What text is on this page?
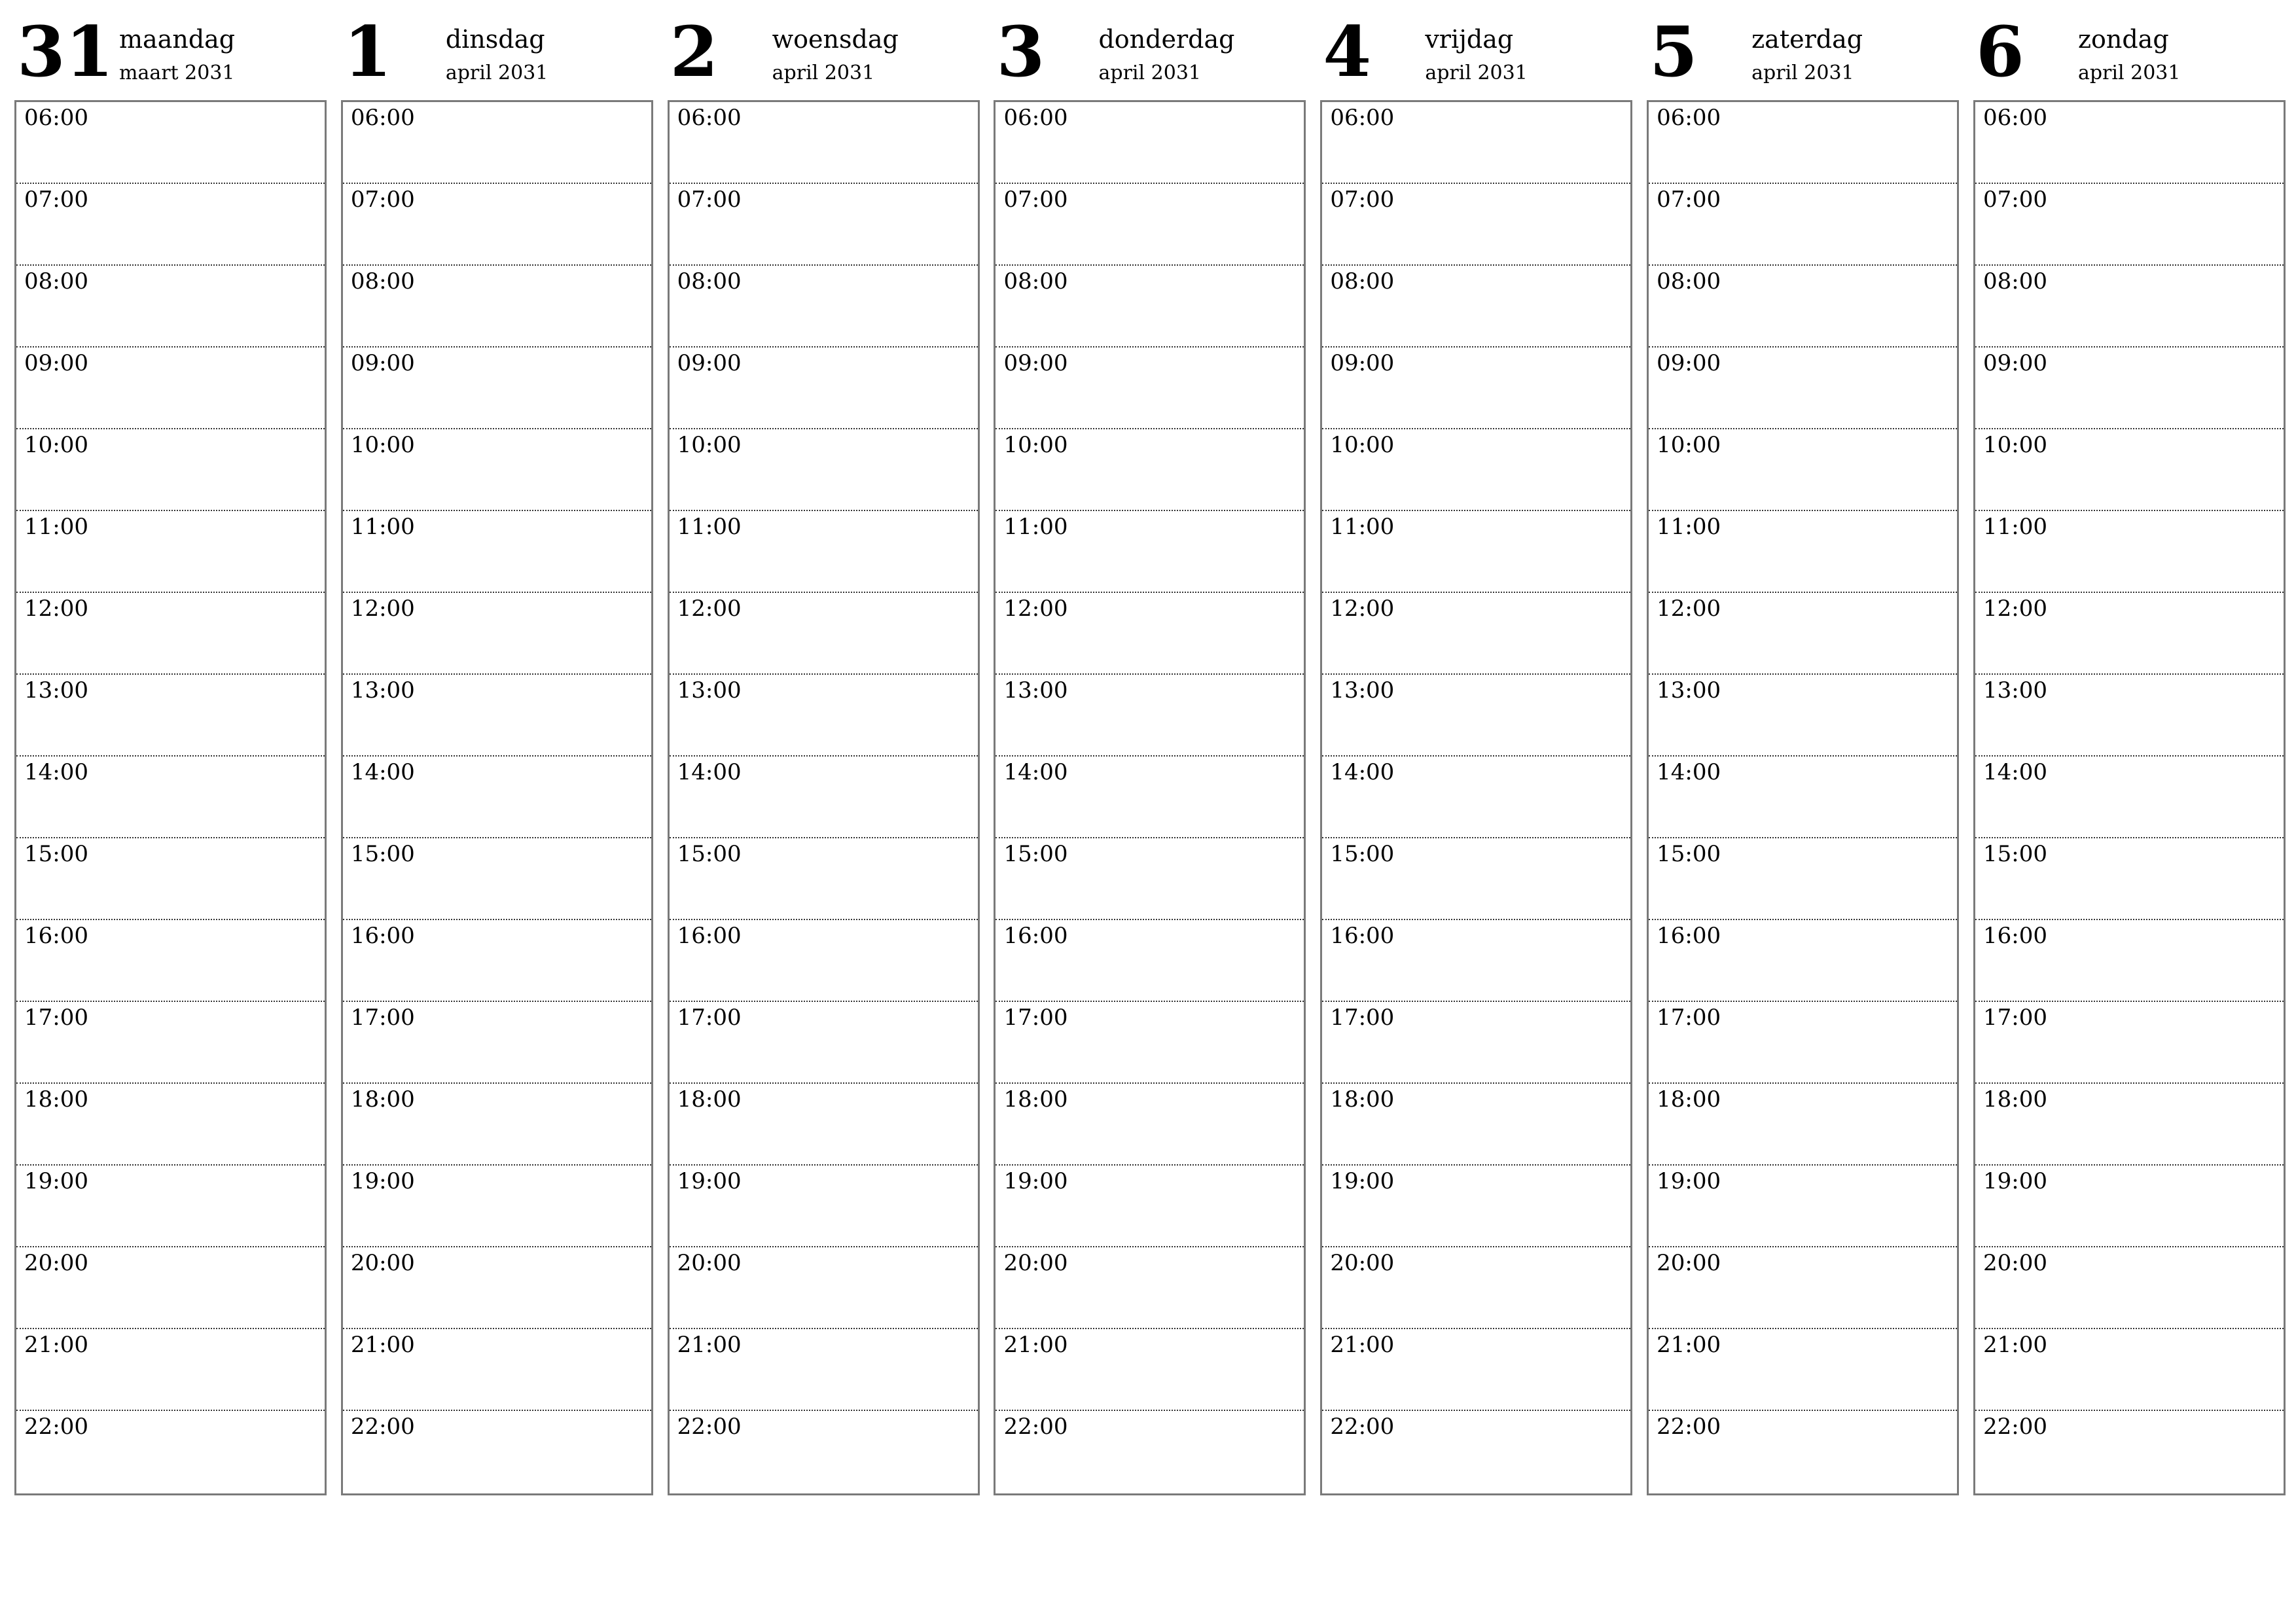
31 maandag
maart 2031
06:00
07:00
08:00
09:00
10:00
11:00
12:00
13:00
14:00
15:00
16:00
17:00
18:00
19:00
20:00
21:00
22:00
1 dinsdag
april 2031
06:00
07:00
08:00
09:00
10:00
11:00
12:00
13:00
14:00
15:00
16:00
17:00
18:00
19:00
20:00
21:00
22:00
2 woensdag
april 2031
06:00
07:00
08:00
09:00
10:00
11:00
12:00
13:00
14:00
15:00
16:00
17:00
18:00
19:00
20:00
21:00
22:00
3 donderdag
april 2031
06:00
07:00
08:00
09:00
10:00
11:00
12:00
13:00
14:00
15:00
16:00
17:00
18:00
19:00
20:00
21:00
22:00
4 vrijdag
april 2031
06:00
07:00
08:00
09:00
10:00
11:00
12:00
13:00
14:00
15:00
16:00
17:00
18:00
19:00
20:00
21:00
22:00
5 zaterdag
april 2031
06:00
07:00
08:00
09:00
10:00
11:00
12:00
13:00
14:00
15:00
16:00
17:00
18:00
19:00
20:00
21:00
22:00
6 zondag
april 2031
06:00
07:00
08:00
09:00
10:00
11:00
12:00
13:00
14:00
15:00
16:00
17:00
18:00
19:00
20:00
21:00
22:00
